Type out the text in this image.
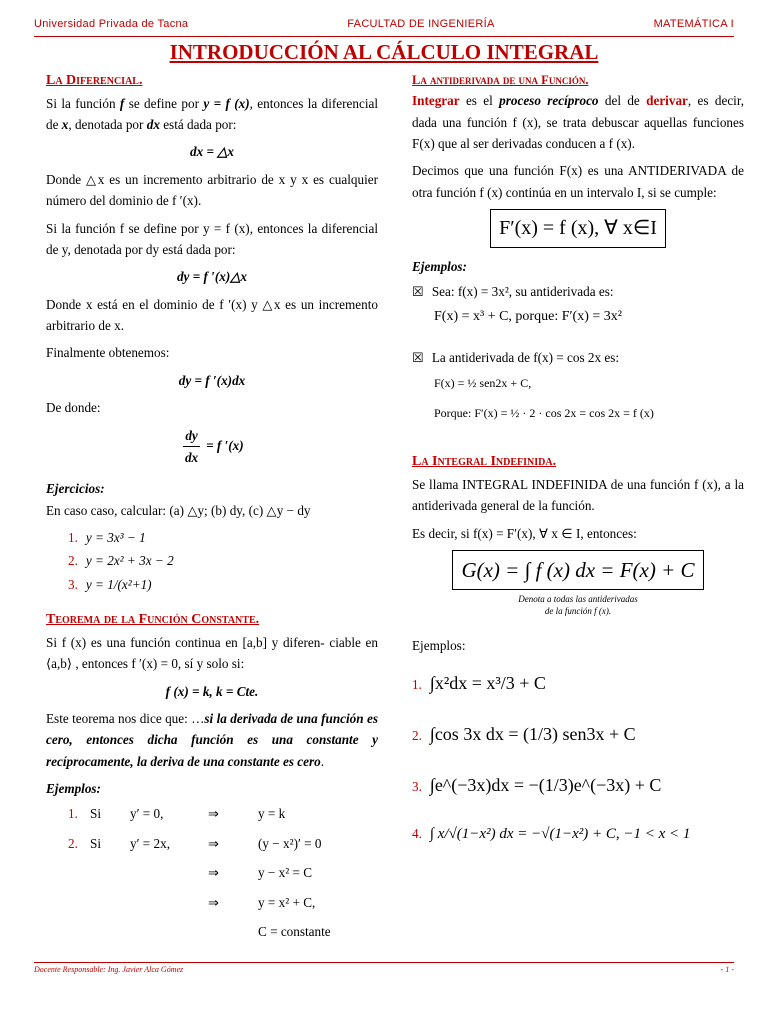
Universidad Privada de Tacna	FACULTAD DE INGENIERÍA	MATEMÁTICA I
INTRODUCCIÓN AL CÁLCULO INTEGRAL
La Diferencial.

Si la función f se define por y = f (x), entonces la diferencial de x, denotada por dx está dada por:

dx = △x

Donde △x es un incremento arbitrario de x y x es cualquier número del dominio de f ′(x).

Si la función f se define por y = f (x), entonces la diferencial de y, denotada por dy está dada por:

dy = f ′(x)△x

Donde x está en el dominio de f ′(x) y △x es un incremento arbitrario de x.

Finalmente obtenemos:

dy = f ′(x)dx

De donde:

$\frac{dy}{dx} = f$ ′(x)
Ejercicios:

En caso caso, calcular: (a) △y; (b) dy, (c) △y − dy

1. y = 3x³ − 1
2. y = 2x² + 3x − 2
3. y = 1/(x²+1)
Teorema de la Función Constante.

Si f (x) es una función continua en [a,b] y diferen- ciable en ⟨a,b⟩ , entonces f ′(x) = 0, sí y solo si:

f (x) = k, k = Cte.

Este teorema nos dice que: …si la derivada de una función es cero, entonces dicha función es una constante y recíprocamente, la deriva de una constante es cero.

Ejemplos:
1. Si	y′ = 0,	⇒	y = k
2. Si	y′ = 2x,	⇒	(y − x²)′ = 0
⇒	y − x² = C
⇒	y = x² + C,
C = constante
La antiderivada de una Función.

Integrar es el proceso recíproco del de derivar, es decir, dada una función f (x), se trata debuscar aquellas funciones F(x) que al ser derivadas conducen a f (x).

Decimos que una función F(x) es una ANTIDERIVADA de otra función f (x) continúa en un intervalo I, si se cumple:

F′(x) = f (x), ∀ x∈I
Ejemplos:
☒ Sea: f(x) = 3x², su antiderivada es:
F(x) = x³ + C, porque: F′(x) = 3x²
☒ La antiderivada de f(x) = cos 2x es:
F(x) = ½ sen2x + C,
Porque: F′(x) = ½ · 2 · cos 2x = cos 2x = f (x)
La Integral Indefinida.

Se llama INTEGRAL INDEFINIDA de una función f (x), a la antiderivada general de la función.

Es decir, si f(x) = F′(x), ∀ x ∈ I, entonces:

G(x) = ∫ f (x) dx = F(x) + C
Denota a todas las antiderivadas
de la función f (x).
Ejemplos:
1. ∫x²dx = x³/3 + C
2. ∫cos 3x dx = (1/3) sen3x + C
3. ∫e^(−3x)dx = −(1/3)e^(−3x) + C
4. ∫ x/√(1−x²) dx = −√(1−x²) + C, −1 < x < 1
Docente Responsable: Ing. Javier Alca Gómez	- 1 -
